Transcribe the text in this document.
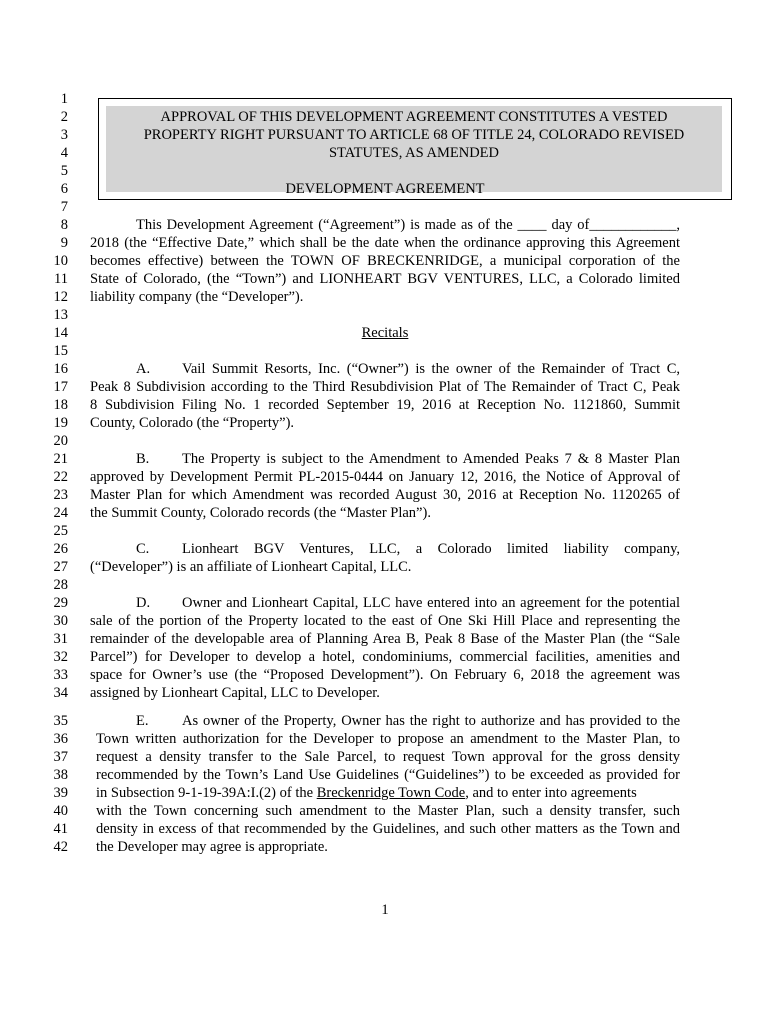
1
2
3
4
5
6
7
8
9
10
11
12
13
14
15
16
17
18
19
20
21
22
23
24
25
26
27
28
29
30
31
32
33
34
35
36
37
38
39
40
41
42
APPROVAL OF THIS DEVELOPMENT AGREEMENT CONSTITUTES A VESTED
PROPERTY RIGHT PURSUANT TO ARTICLE 68 OF TITLE 24, COLORADO REVISED
STATUTES, AS AMENDED
DEVELOPMENT AGREEMENT
This Development Agreement (“Agreement”) is made as of the ____ day of____________,
2018 (the “Effective Date,” which shall be the date when the ordinance approving this Agreement
becomes effective) between the TOWN OF BRECKENRIDGE, a municipal corporation of the
State of Colorado, (the “Town”) and LIONHEART BGV VENTURES, LLC, a Colorado limited
liability company (the “Developer”).
Recitals
A.	Vail Summit Resorts, Inc. (“Owner”) is the owner of the Remainder of Tract C,
Peak 8 Subdivision according to the Third Resubdivision Plat of The Remainder of Tract C, Peak
8 Subdivision Filing No. 1 recorded September 19, 2016 at Reception No. 1121860, Summit
County, Colorado (the “Property”).
B.	The Property is subject to the Amendment to Amended Peaks 7 & 8 Master Plan
approved by Development Permit PL-2015-0444 on January 12, 2016, the Notice of Approval of
Master Plan for which Amendment was recorded August 30, 2016 at Reception No. 1120265 of
the Summit County, Colorado records (the “Master Plan”).
C.	Lionheart BGV Ventures, LLC, a Colorado limited liability company,
(“Developer”) is an affiliate of Lionheart Capital, LLC.
D.	Owner and Lionheart Capital, LLC have entered into an agreement for the potential
sale of the portion of the Property located to the east of One Ski Hill Place and representing the
remainder of the developable area of Planning Area B, Peak 8 Base of the Master Plan (the “Sale
Parcel”) for Developer to develop a hotel, condominiums, commercial facilities, amenities and
space for Owner’s use (the “Proposed Development”). On February 6, 2018 the agreement was
assigned by Lionheart Capital, LLC to Developer.
E.	As owner of the Property, Owner has the right to authorize and has provided to the
Town written authorization for the Developer to propose an amendment to the Master Plan, to
request a density transfer to the Sale Parcel, to request Town approval for the gross density
recommended by the Town’s Land Use Guidelines (“Guidelines”) to be exceeded as provided for
in Subsection 9-1-19-39A:I.(2) of the Breckenridge Town Code, and to enter into agreements
with the Town concerning such amendment to the Master Plan, such a density transfer, such
density in excess of that recommended by the Guidelines, and such other matters as the Town and
the Developer may agree is appropriate.
1
